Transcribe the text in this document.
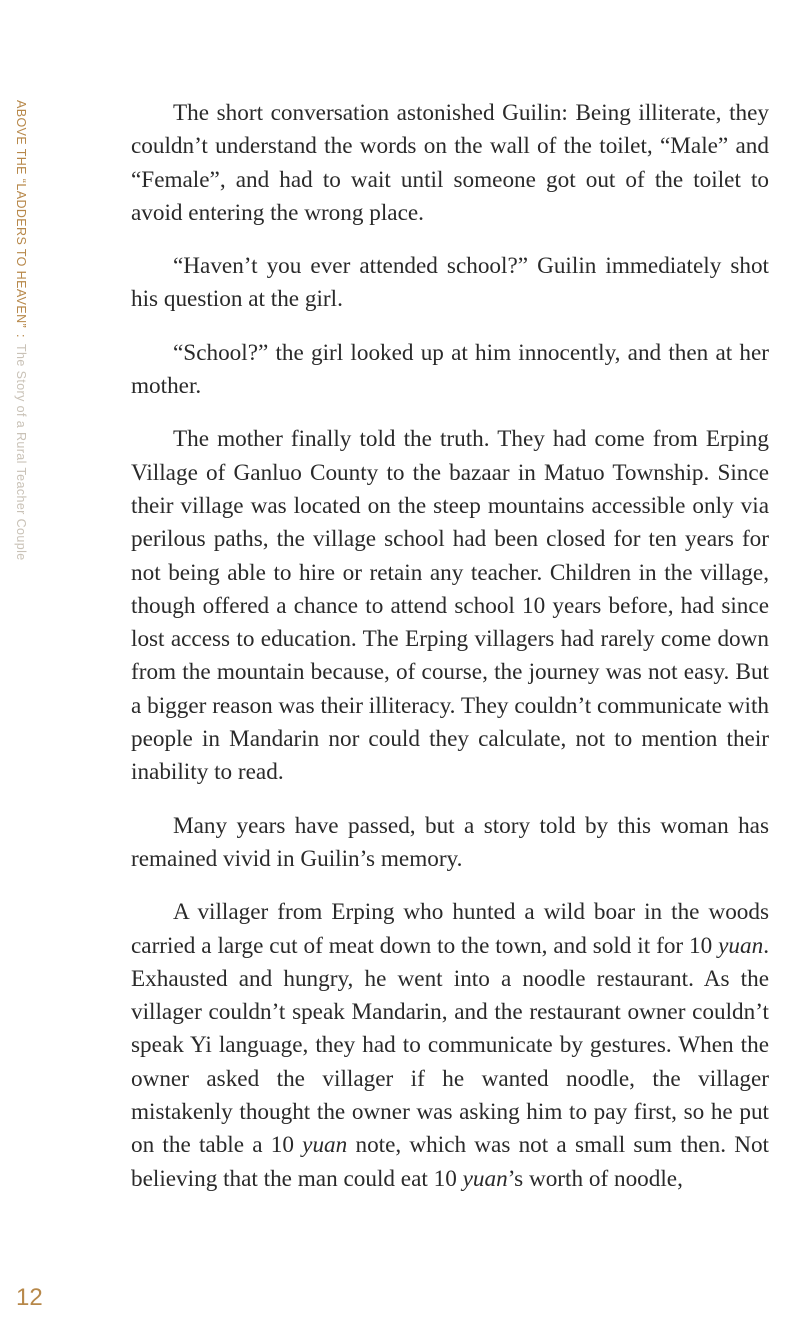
ABOVE THE “LADDERS TO HEAVEN”:The Story of a Rural Teacher Couple

The short conversation astonished Guilin: Being illiterate, they couldn’t understand the words on the wall of the toilet, “Male” and “Female”, and had to wait until someone got out of the toilet to avoid entering the wrong place.

“Haven’t you ever attended school?” Guilin immediately shot his question at the girl.

“School?” the girl looked up at him innocently, and then at her mother.

The mother finally told the truth. They had come from Erping Village of Ganluo County to the bazaar in Matuo Township. Since their village was located on the steep mountains accessible only via perilous paths, the village school had been closed for ten years for not being able to hire or retain any teacher. Children in the village, though offered a chance to attend school 10 years before, had since lost access to education. The Erping villagers had rarely come down from the mountain because, of course, the journey was not easy. But a bigger reason was their illiteracy. They couldn’t communicate with people in Mandarin nor could they calculate, not to mention their inability to read.

Many years have passed, but a story told by this woman has remained vivid in Guilin’s memory.

A villager from Erping who hunted a wild boar in the woods carried a large cut of meat down to the town, and sold it for 10 yuan. Exhausted and hungry, he went into a noodle restaurant. As the villager couldn’t speak Mandarin, and the restaurant owner couldn’t speak Yi language, they had to communicate by gestures. When the owner asked the villager if he wanted noodle, the villager mistakenly thought the owner was asking him to pay first, so he put on the table a 10 yuan note, which was not a small sum then. Not believing that the man could eat 10 yuan’s worth of noodle,

12
